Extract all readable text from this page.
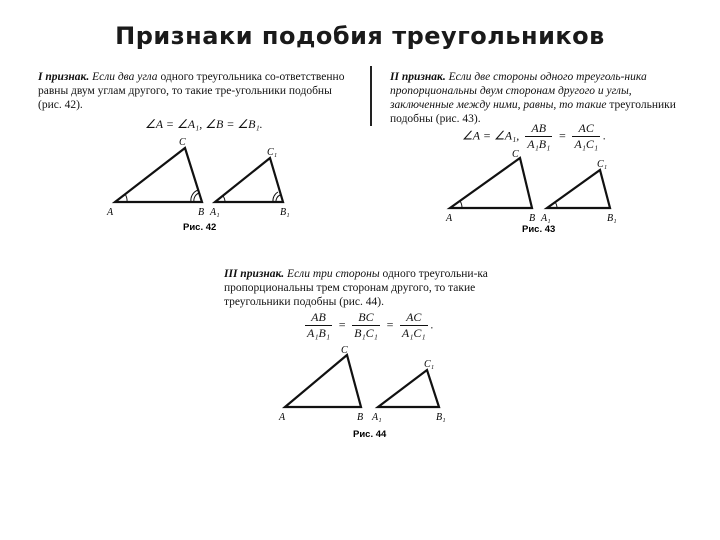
Признаки подобия треугольников
I признак. Если два угла одного треугольника со-ответственно равны двум углам другого, то такие тре-угольники подобны (рис. 42).
∠A = ∠A₁, ∠B = ∠B₁.
A	B
C
A₁	B₁
C₁
Рис. 42
II признак. Если две стороны одного треуголь-ника пропорциональны двум сторонам другого и углы, заключенные между ними, равны, то такие треугольники подобны (рис. 43).
∠A = ∠A₁, $\frac{AB}{\text{A₁B₁}} = \frac{AC}{\text{A₁C₁}}$ .
A	B
C
A₁	B₁
C₁
Рис. 43
III признак. Если три стороны одного треугольни-ка пропорциональны трем сторонам другого, то такие треугольники подобны (рис. 44).
$\frac{AB}{\text{A₁B₁}} = \frac{BC}{\text{B₁C₁}} = \frac{AC}{\text{A₁C₁}}$ .
A	B
C
A₁	B₁
C₁
Рис. 44
